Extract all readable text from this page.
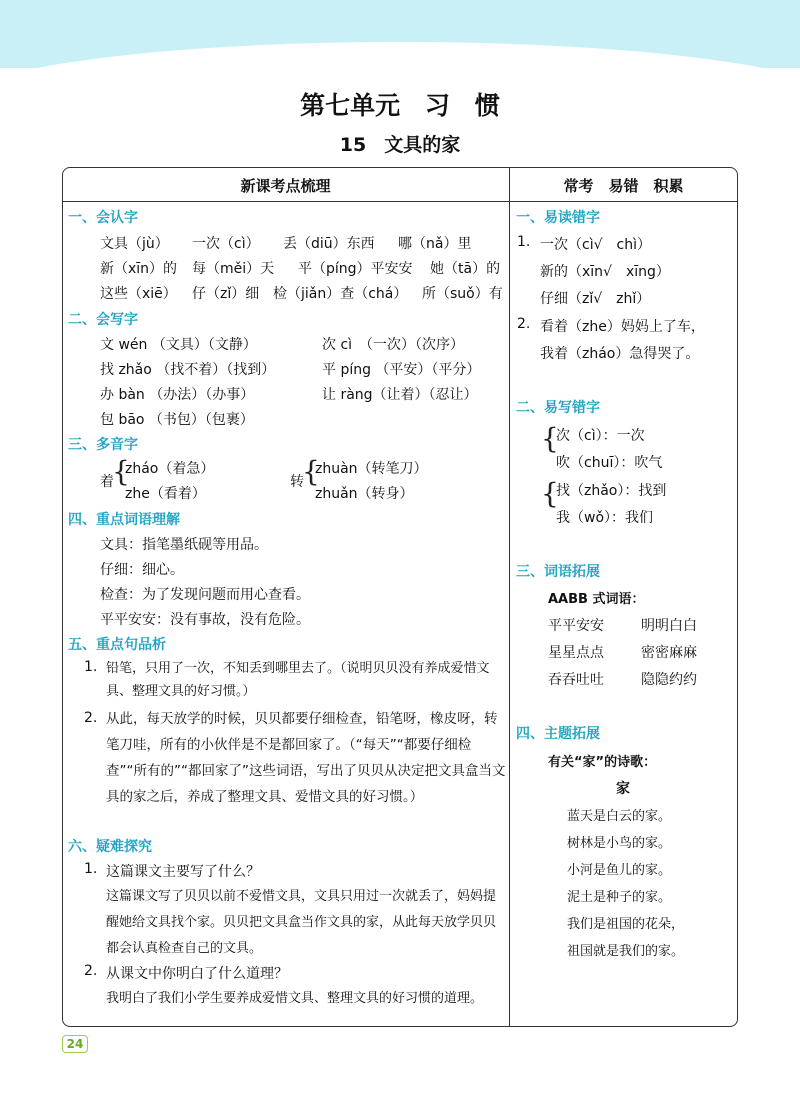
第七单元 习　惯
15 文具的家
新课考点梳理	常考　易错　积累
一、会认字
文具（jù） 一次（cì） 丢（diū）东西 哪（nǎ）里
新（xīn）的 每（měi）天 平（píng）平安安 她（tā）的
这些（xiē） 仔（zǐ）细 检（jiǎn）查（chá） 所（suǒ）有
二、会写字
文 wén （文具）（文静）	次 cì　（一次）（次序）
找 zhǎo （找不着）（找到）	平 píng （平安）（平分）
办 bàn （办法）（办事）	让 ràng（让着）（忍让）
包 bāo （书包）（包裹）
三、多音字
着
{
zháo（着急）
zhe（看着）
转
{
zhuàn（转笔刀）
zhuǎn（转身）
四、重点词语理解
文具：指笔墨纸砚等用品。
仔细：细心。
检查：为了发现问题而用心查看。
平平安安：没有事故，没有危险。
五、重点句品析
1. 铅笔，只用了一次，不知丢到哪里去了。（说明贝贝没有养成爱惜文具、整理文具的好习惯。）
2. 从此，每天放学的时候，贝贝都要仔细检查，铅笔呀，橡皮呀，转笔刀哇，所有的小伙伴是不是都回家了。（“每天”“都要仔细检查”“所有的”“都回家了”这些词语，写出了贝贝从决定把文具盒当文具的家之后，养成了整理文具、爱惜文具的好习惯。）
六、疑难探究
1. 这篇课文主要写了什么？
这篇课文写了贝贝以前不爱惜文具，文具只用过一次就丢了，妈妈提醒她给文具找个家。贝贝把文具盒当作文具的家，从此每天放学贝贝都会认真检查自己的文具。
2. 从课文中你明白了什么道理？
我明白了我们小学生要养成爱惜文具、整理文具的好习惯的道理。
一、易读错字
1. 一次（cì√　chì）
新的（xīn√　xīng）
仔细（zǐ√　zhǐ）
2. 看着（zhe）妈妈上了车，
我着（zháo）急得哭了。
二、易写错字
{
次（cì）：一次
吹（chuī）：吹气
{
找（zhǎo）：找到
我（wǒ）：我们
三、词语拓展
AABB 式词语：
平平安安	明明白白
星星点点	密密麻麻
吞吞吐吐	隐隐约约
四、主题拓展
有关“家”的诗歌：
家
蓝天是白云的家。
树林是小鸟的家。
小河是鱼儿的家。
泥土是种子的家。
我们是祖国的花朵，
祖国就是我们的家。
24
